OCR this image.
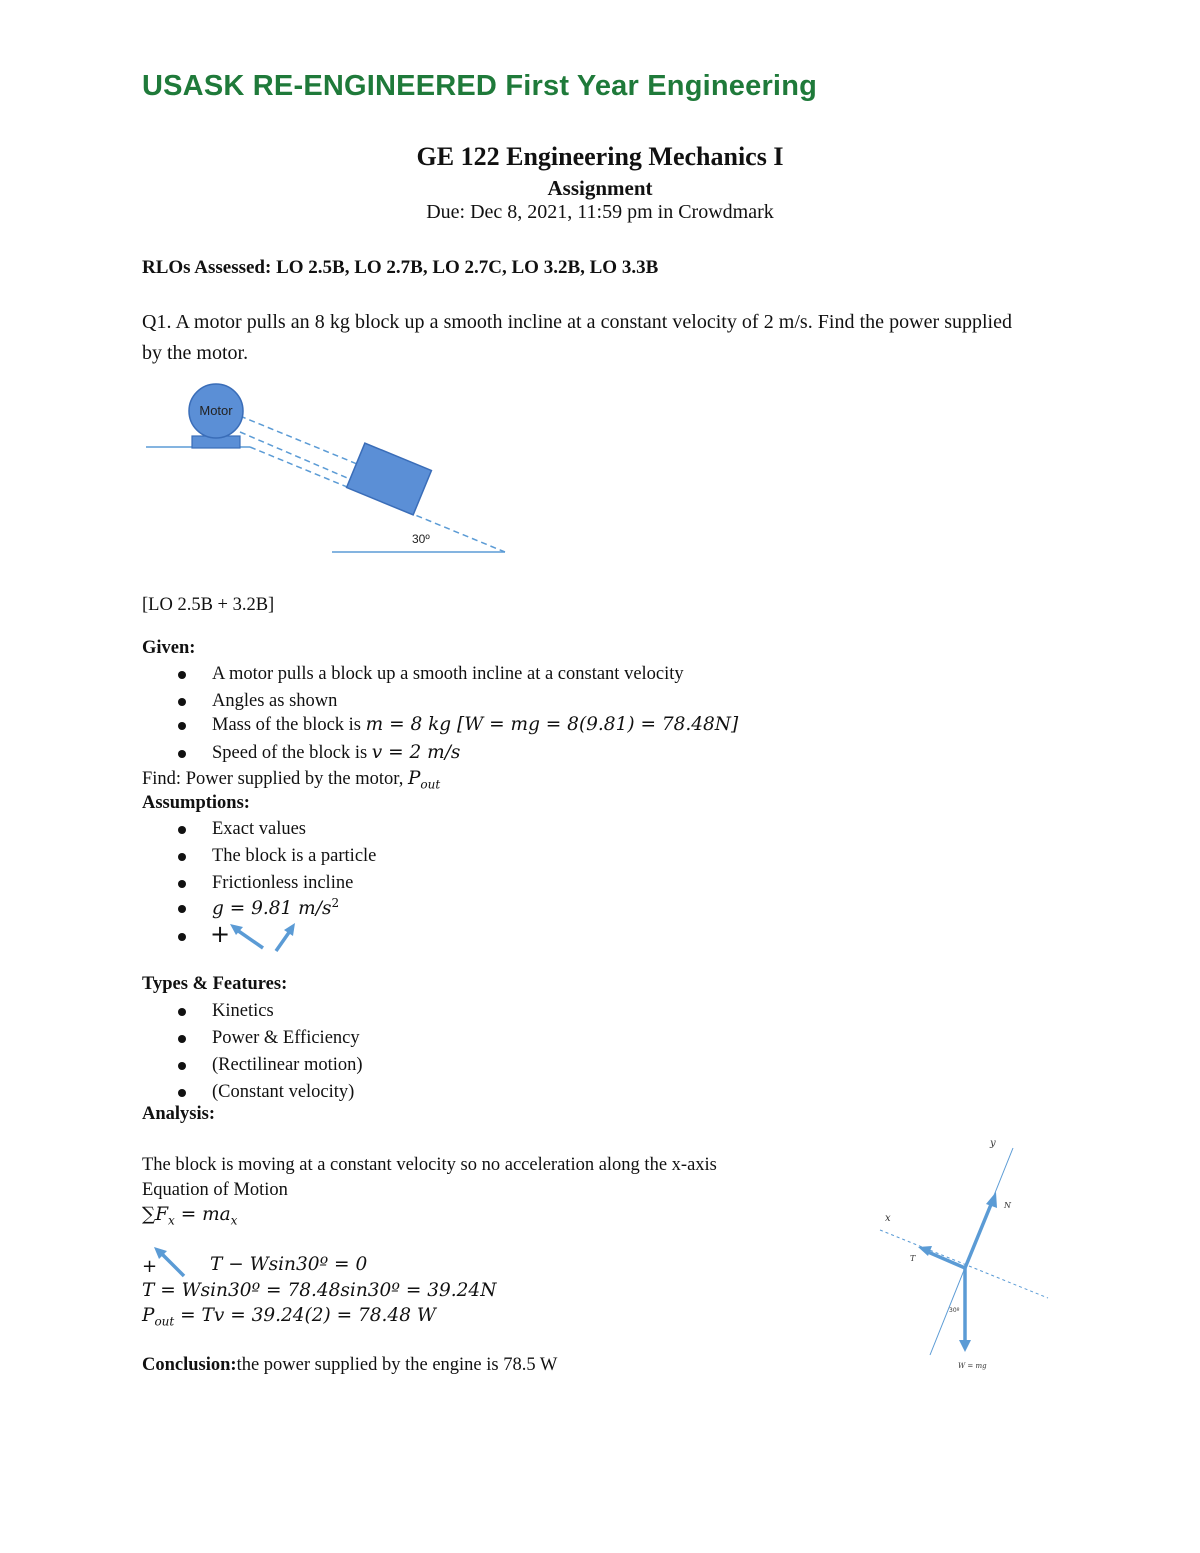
USASK RE-ENGINEERED First Year Engineering
GE 122 Engineering Mechanics I
Assignment
Due: Dec 8, 2021, 11:59 pm in Crowdmark
RLOs Assessed: LO 2.5B, LO 2.7B, LO 2.7C, LO 3.2B, LO 3.3B
Q1. A motor pulls an 8 kg block up a smooth incline at a constant velocity of 2 m/s. Find the power supplied by the motor.
Motor
30º
[LO 2.5B + 3.2B]
Given:
A motor pulls a block up a smooth incline at a constant velocity
Angles as shown
Mass of the block is m = 8 kg [W = mg = 8(9.81) = 78.48N]
Speed of the block is v = 2 m/s
Find: Power supplied by the motor, $P_{out}$
Assumptions:
Exact values
The block is a particle
Frictionless incline
g = 9.81 $m/s^2$
+
Types & Features:
Kinetics
Power & Efficiency
(Rectilinear motion)
(Constant velocity)
Analysis:
The block is moving at a constant velocity so no acceleration along the x-axis
Equation of Motion
$\sum F_x = ma_x$
+	T − Wsin30º = 0
T = Wsin30º = 78.48sin30º = 39.24N
$P_{out} = Tv = 39.24(2) = 78.48$ W
Conclusion:the power supplied by the engine is 78.5 W
y
x
N
T
30º
W = mg
